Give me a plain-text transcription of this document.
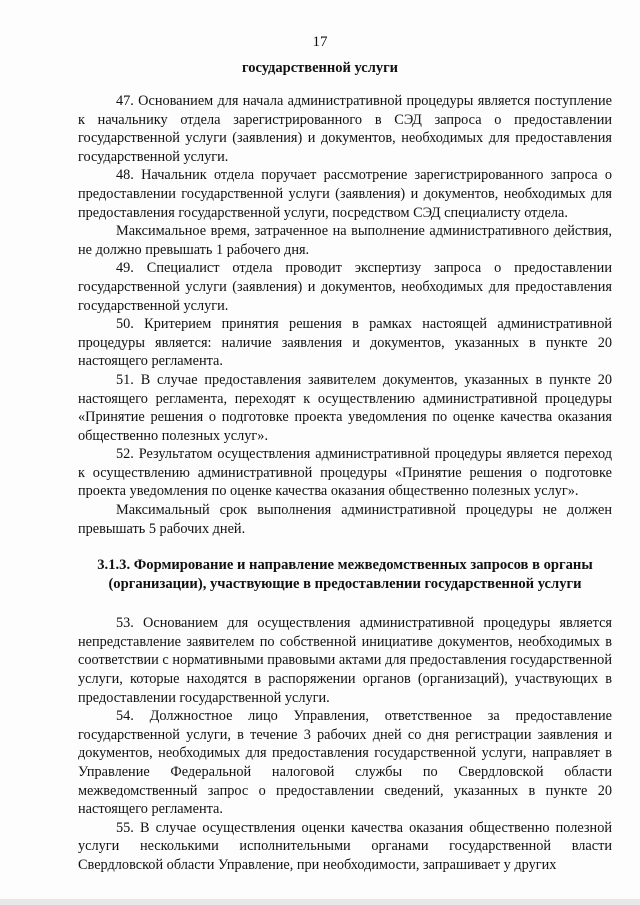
17
государственной услуги

47. Основанием для начала административной процедуры является поступление к начальнику отдела зарегистрированного в СЭД запроса о предоставлении государственной услуги (заявления) и документов, необходимых для предоставления государственной услуги.

48. Начальник отдела поручает рассмотрение зарегистрированного запроса о предоставлении государственной услуги (заявления) и документов, необходимых для предоставления государственной услуги, посредством СЭД специалисту отдела.

Максимальное время, затраченное на выполнение административного действия, не должно превышать 1 рабочего дня.

49. Специалист отдела проводит экспертизу запроса о предоставлении государственной услуги (заявления) и документов, необходимых для предоставления государственной услуги.

50. Критерием принятия решения в рамках настоящей административной процедуры является: наличие заявления и документов, указанных в пункте 20 настоящего регламента.

51. В случае предоставления заявителем документов, указанных в пункте 20 настоящего регламента, переходят к осуществлению административной процедуры «Принятие решения о подготовке проекта уведомления по оценке качества оказания общественно полезных услуг».

52. Результатом осуществления административной процедуры является переход к осуществлению административной процедуры «Принятие решения о подготовке проекта уведомления по оценке качества оказания общественно полезных услуг».

Максимальный срок выполнения административной процедуры не должен превышать 5 рабочих дней.

3.1.3. Формирование и направление межведомственных запросов в органы (организации), участвующие в предоставлении государственной услуги

53. Основанием для осуществления административной процедуры является непредставление заявителем по собственной инициативе документов, необходимых в соответствии с нормативными правовыми актами для предоставления государственной услуги, которые находятся в распоряжении органов (организаций), участвующих в предоставлении государственной услуги.

54. Должностное лицо Управления, ответственное за предоставление государственной услуги, в течение 3 рабочих дней со дня регистрации заявления и документов, необходимых для предоставления государственной услуги, направляет в Управление Федеральной налоговой службы по Свердловской области межведомственный запрос о предоставлении сведений, указанных в пункте 20 настоящего регламента.

55. В случае осуществления оценки качества оказания общественно полезной услуги несколькими исполнительными органами государственной власти Свердловской области Управление, при необходимости, запрашивает у других
